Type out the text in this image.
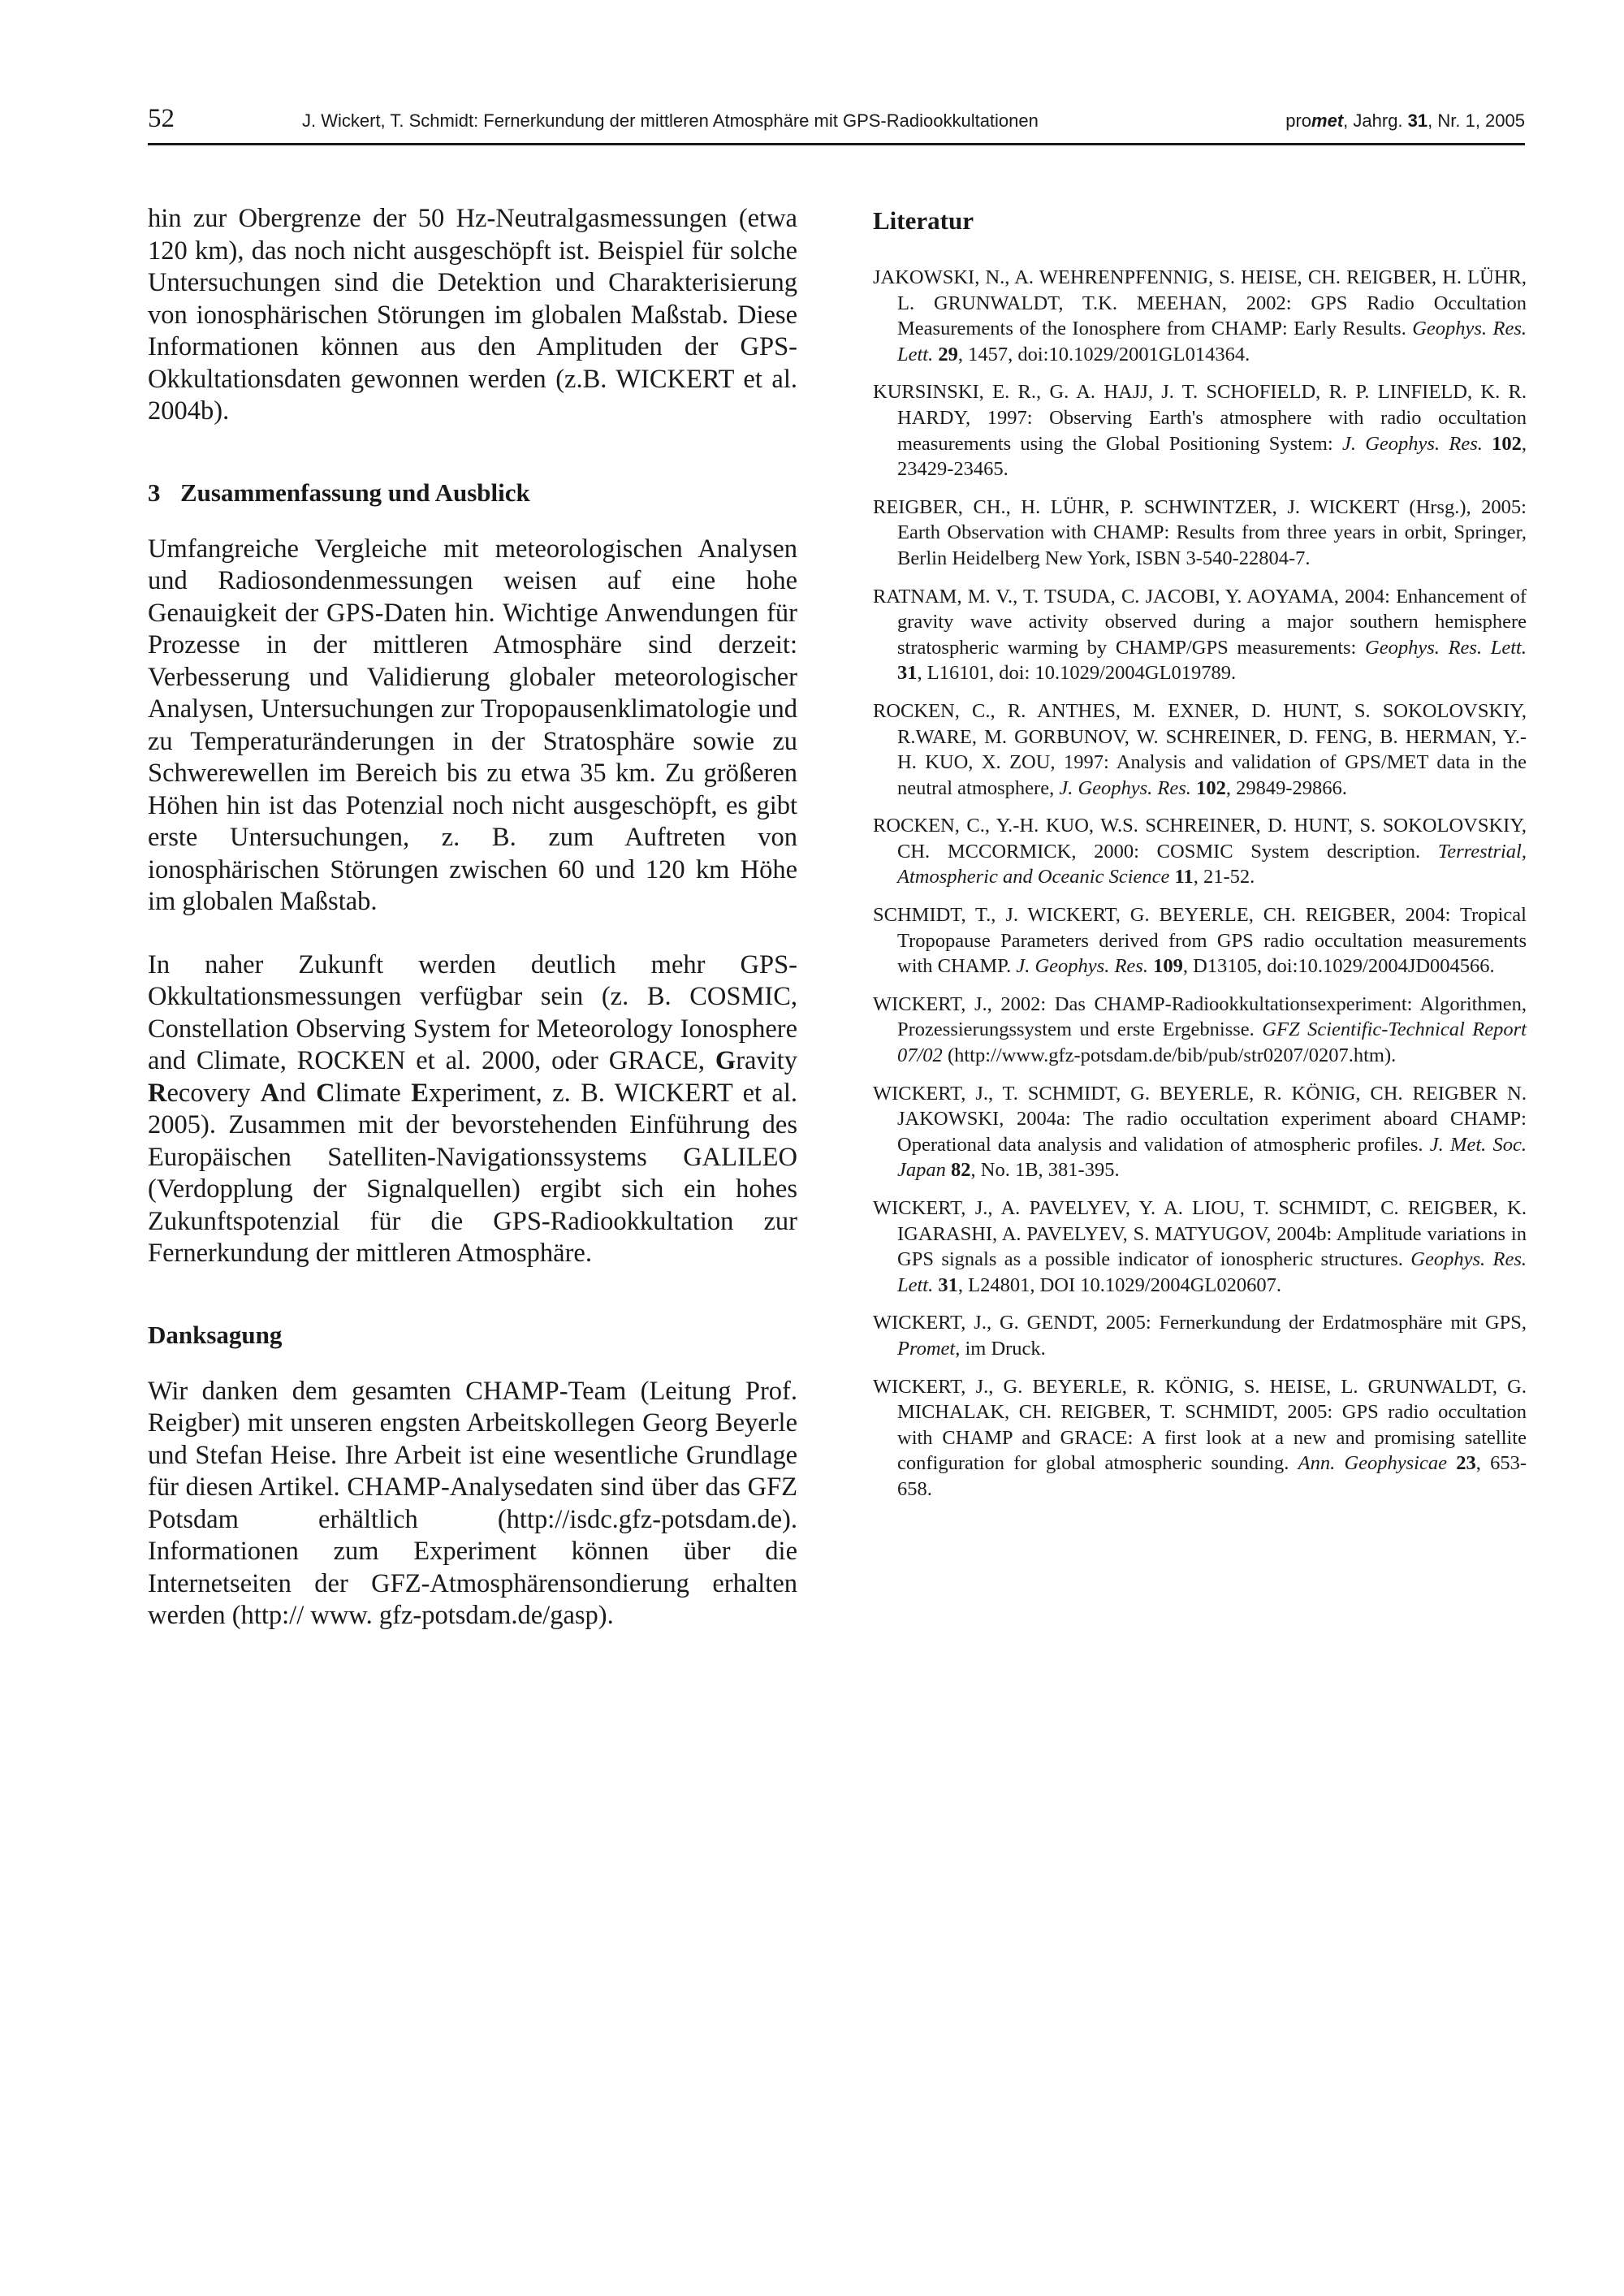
52	J. Wickert, T. Schmidt: Fernerkundung der mittleren Atmosphäre mit GPS-Radiookkultationen	promet, Jahrg. 31, Nr. 1, 2005

hin zur Obergrenze der 50 Hz-Neutralgasmessungen (etwa 120 km), das noch nicht ausgeschöpft ist. Beispiel für solche Untersuchungen sind die Detektion und Charakterisierung von ionosphärischen Störungen im globalen Maßstab. Diese Informationen können aus den Amplituden der GPS-Okkultationsdaten gewonnen werden (z.B. WICKERT et al. 2004b).

3 Zusammenfassung und Ausblick

Umfangreiche Vergleiche mit meteorologischen Analysen und Radiosondenmessungen weisen auf eine hohe Genauigkeit der GPS-Daten hin. Wichtige Anwendungen für Prozesse in der mittleren Atmosphäre sind derzeit: Verbesserung und Validierung globaler meteorologischer Analysen, Untersuchungen zur Tropopausenklimatologie und zu Temperaturänderungen in der Stratosphäre sowie zu Schwerewellen im Bereich bis zu etwa 35 km. Zu größeren Höhen hin ist das Potenzial noch nicht ausgeschöpft, es gibt erste Untersuchungen, z. B. zum Auftreten von ionosphärischen Störungen zwischen 60 und 120 km Höhe im globalen Maßstab.

In naher Zukunft werden deutlich mehr GPS-Okkultationsmessungen verfügbar sein (z. B. COSMIC, Constellation Observing System for Meteorology Ionosphere and Climate, ROCKEN et al. 2000, oder GRACE, Gravity Recovery And Climate Experiment, z. B. WICKERT et al. 2005). Zusammen mit der bevorstehenden Einführung des Europäischen Satelliten-Navigationssystems GALILEO (Verdopplung der Signalquellen) ergibt sich ein hohes Zukunftspotenzial für die GPS-Radiookkultation zur Fernerkundung der mittleren Atmosphäre.

Danksagung

Wir danken dem gesamten CHAMP-Team (Leitung Prof. Reigber) mit unseren engsten Arbeitskollegen Georg Beyerle und Stefan Heise. Ihre Arbeit ist eine wesentliche Grundlage für diesen Artikel. CHAMP-Analysedaten sind über das GFZ Potsdam erhältlich (http://isdc.gfz-potsdam.de). Informationen zum Experiment können über die Internetseiten der GFZ-Atmosphärensondierung erhalten werden (http:// www. gfz-potsdam.de/gasp).

Literatur

JAKOWSKI, N., A. WEHRENPFENNIG, S. HEISE, CH. REIGBER, H. LÜHR, L. GRUNWALDT, T.K. MEEHAN, 2002: GPS Radio Occultation Measurements of the Ionosphere from CHAMP: Early Results. Geophys. Res. Lett. 29, 1457, doi:10.1029/2001GL014364.

KURSINSKI, E. R., G. A. HAJJ, J. T. SCHOFIELD, R. P. LINFIELD, K. R. HARDY, 1997: Observing Earth's atmosphere with radio occultation measurements using the Global Positioning System: J. Geophys. Res. 102, 23429-23465.

REIGBER, CH., H. LÜHR, P. SCHWINTZER, J. WICKERT (Hrsg.), 2005: Earth Observation with CHAMP: Results from three years in orbit, Springer, Berlin Heidelberg New York, ISBN 3-540-22804-7.

RATNAM, M. V., T. TSUDA, C. JACOBI, Y. AOYAMA, 2004: Enhancement of gravity wave activity observed during a major southern hemisphere stratospheric warming by CHAMP/GPS measurements: Geophys. Res. Lett. 31, L16101, doi: 10.1029/2004GL019789.

ROCKEN, C., R. ANTHES, M. EXNER, D. HUNT, S. SOKOLOVSKIY, R.WARE, M. GORBUNOV, W. SCHREINER, D. FENG, B. HERMAN, Y.- H. KUO, X. ZOU, 1997: Analysis and validation of GPS/MET data in the neutral atmosphere, J. Geophys. Res. 102, 29849-29866.

ROCKEN, C., Y.-H. KUO, W.S. SCHREINER, D. HUNT, S. SOKOLOVSKIY, CH. MCCORMICK, 2000: COSMIC System description. Terrestrial, Atmospheric and Oceanic Science 11, 21-52.

SCHMIDT, T., J. WICKERT, G. BEYERLE, CH. REIGBER, 2004: Tropical Tropopause Parameters derived from GPS radio occultation measurements with CHAMP. J. Geophys. Res. 109, D13105, doi:10.1029/2004JD004566.

WICKERT, J., 2002: Das CHAMP-Radiookkultationsexperiment: Algorithmen, Prozessierungssystem und erste Ergebnisse. GFZ Scientific-Technical Report 07/02 (http://www.gfz-potsdam.de/bib/pub/str0207/0207.htm).

WICKERT, J., T. SCHMIDT, G. BEYERLE, R. KÖNIG, CH. REIGBER N. JAKOWSKI, 2004a: The radio occultation experiment aboard CHAMP: Operational data analysis and validation of atmospheric profiles. J. Met. Soc. Japan 82, No. 1B, 381-395.

WICKERT, J., A. PAVELYEV, Y. A. LIOU, T. SCHMIDT, C. REIGBER, K. IGARASHI, A. PAVELYEV, S. MATYUGOV, 2004b: Amplitude variations in GPS signals as a possible indicator of ionospheric structures. Geophys. Res. Lett. 31, L24801, DOI 10.1029/2004GL020607.

WICKERT, J., G. GENDT, 2005: Fernerkundung der Erdatmosphäre mit GPS, Promet, im Druck.

WICKERT, J., G. BEYERLE, R. KÖNIG, S. HEISE, L. GRUNWALDT, G. MICHALAK, CH. REIGBER, T. SCHMIDT, 2005: GPS radio occultation with CHAMP and GRACE: A first look at a new and promising satellite configuration for global atmospheric sounding. Ann. Geophysicae 23, 653-658.
